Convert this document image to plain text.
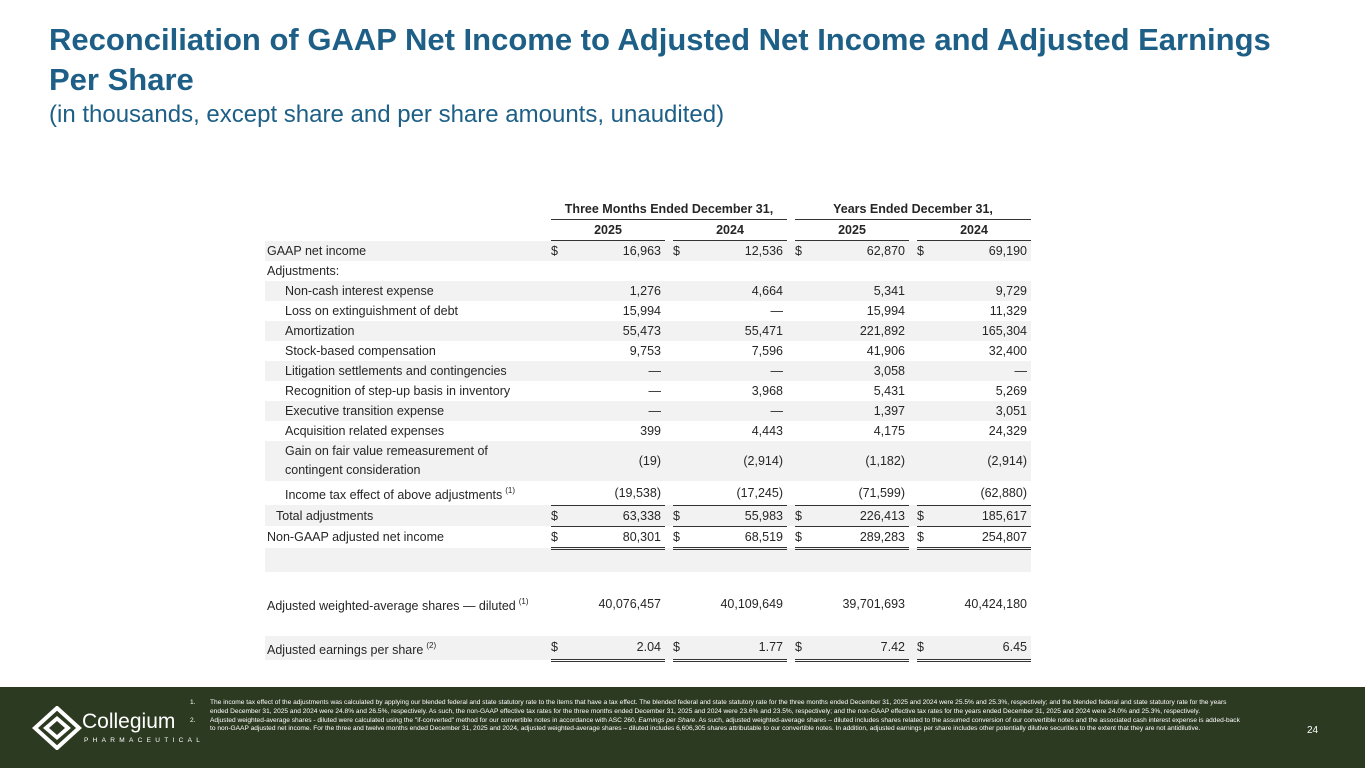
Reconciliation of GAAP Net Income to Adjusted Net Income and Adjusted Earnings Per Share

(in thousands, except share and per share amounts, unaudited)

		Three Months Ended December 31,						Years Ended December 31,				
		2025			2024			2025			2024	
GAAP net income		$	16,963		$	12,536		$	62,870		$	69,190
Adjustments:												
Non-cash interest expense			1,276			4,664			5,341			9,729
Loss on extinguishment of debt			15,994			—			15,994			11,329
Amortization			55,473			55,471			221,892			165,304
Stock-based compensation			9,753			7,596			41,906			32,400
Litigation settlements and contingencies			—			—			3,058			—
Recognition of step-up basis in inventory			—			3,968			5,431			5,269
Executive transition expense			—			—			1,397			3,051
Acquisition related expenses			399			4,443			4,175			24,329
Gain on fair value remeasurement of
contingent consideration			(19)			(2,914)			(1,182)			(2,914)
Income tax effect of above adjustments $^{(1)}$			(19,538)			(17,245)			(71,599)			(62,880)
Total adjustments		$	63,338		$	55,983		$	226,413		$	185,617
Non-GAAP adjusted net income		$	80,301		$	68,519		$	289,283		$	254,807

Adjusted weighted-average shares — diluted $^{(1)}$			40,076,457			40,109,649			39,701,693			40,424,180

Adjusted earnings per share $^{(2)}$		$	2.04		$	1.77		$	7.42		$	6.45
Collegium
PHARMACEUTICAL
1.	The income tax effect of the adjustments was calculated by applying our blended federal and state statutory rate to the items that have a tax effect. The blended federal and state statutory rate for the three months ended December 31, 2025 and 2024 were 25.5% and 25.3%, respectively; and the blended federal and state statutory rate for the years ended December 31, 2025 and 2024 were 24.8% and 26.5%, respectively. As such, the non-GAAP effective tax rates for the three months ended December 31, 2025 and 2024 were 23.6% and 23.5%, respectively; and the non-GAAP effective tax rates for the years ended December 31, 2025 and 2024 were 24.0% and 25.3%, respectively.
2.	Adjusted weighted-average shares - diluted were calculated using the "if-converted" method for our convertible notes in accordance with ASC 260, Earnings per Share. As such, adjusted weighted-average shares – diluted includes shares related to the assumed conversion of our convertible notes and the associated cash interest expense is added-back to non-GAAP adjusted net income. For the three and twelve months ended December 31, 2025 and 2024, adjusted weighted-average shares – diluted includes 6,606,305 shares attributable to our convertible notes. In addition, adjusted earnings per share includes other potentially dilutive securities to the extent that they are not antidilutive.	24
